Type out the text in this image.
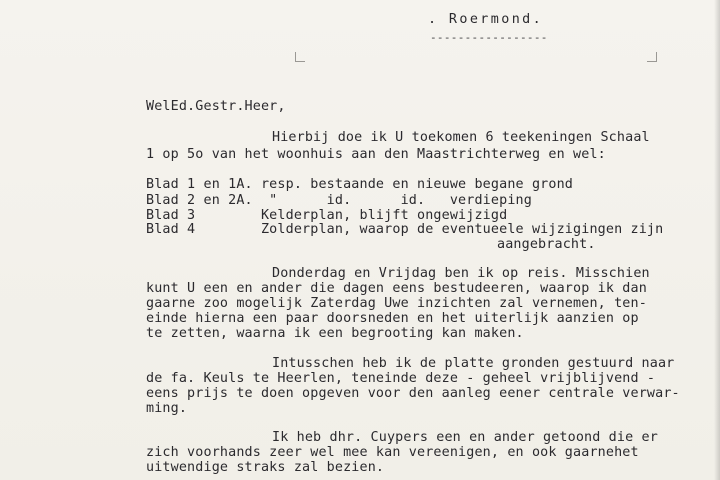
. Roermond.
-----------------
WelEd.Gestr.Heer,
Hierbij doe ik U toekomen 6 teekeningen Schaal
1 op 5o van het woonhuis aan den Maastrichterweg en wel:
Blad 1 en 1A. resp. bestaande en nieuwe begane grond
Blad 2 en 2A.  "      id.      id.   verdieping
Blad 3        Kelderplan, blijft ongewijzigd
Blad 4        Zolderplan, waarop de eventueele wijzigingen zijn
aangebracht.
Donderdag en Vrijdag ben ik op reis. Misschien
kunt U een en ander die dagen eens bestudeeren, waarop ik dan
gaarne zoo mogelijk Zaterdag Uwe inzichten zal vernemen, ten-
einde hierna een paar doorsneden en het uiterlijk aanzien op
te zetten, waarna ik een begrooting kan maken.
Intusschen heb ik de platte gronden gestuurd naar
de fa. Keuls te Heerlen, teneinde deze - geheel vrijblijvend -
eens prijs te doen opgeven voor den aanleg eener centrale verwar-
ming.
Ik heb dhr. Cuypers een en ander getoond die er
zich voorhands zeer wel mee kan vereenigen, en ook gaarnehet
uitwendige straks zal bezien.
